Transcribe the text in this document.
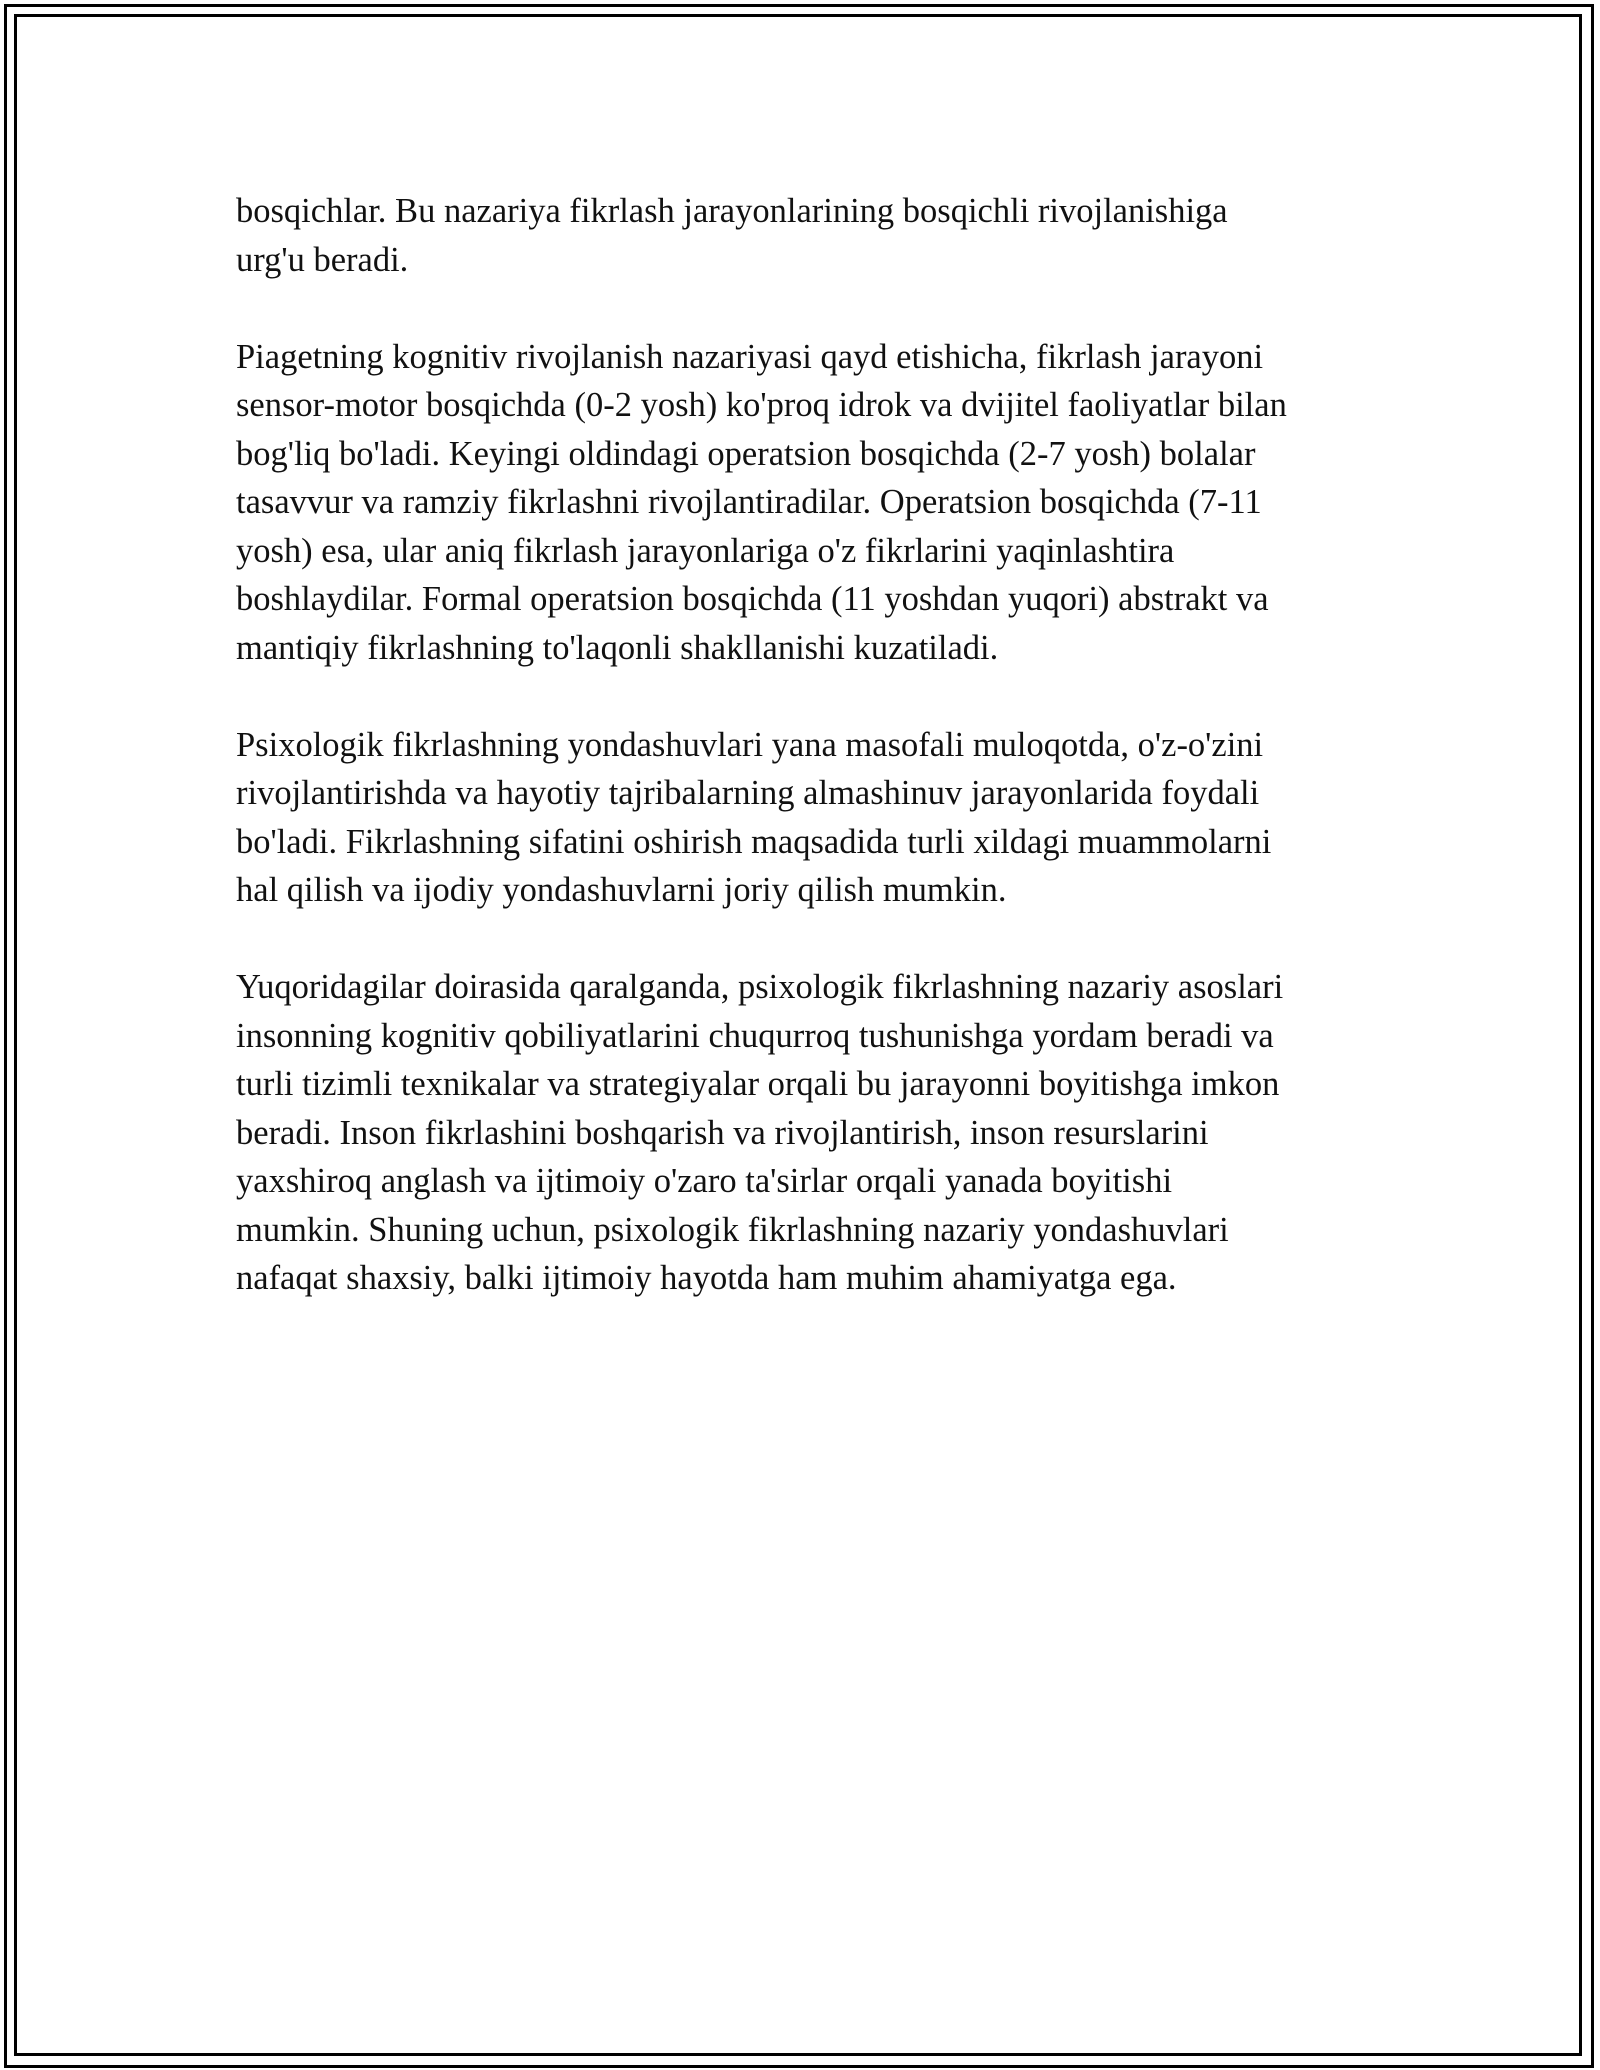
bosqichlar. Bu nazariya fikrlash jarayonlarining bosqichli rivojlanishiga
urg'u beradi.

Piagetning kognitiv rivojlanish nazariyasi qayd etishicha, fikrlash jarayoni
sensor-motor bosqichda (0-2 yosh) ko'proq idrok va dvijitel faoliyatlar bilan
bog'liq bo'ladi. Keyingi oldindagi operatsion bosqichda (2-7 yosh) bolalar
tasavvur va ramziy fikrlashni rivojlantiradilar. Operatsion bosqichda (7-11
yosh) esa, ular aniq fikrlash jarayonlariga o'z fikrlarini yaqinlashtira
boshlaydilar. Formal operatsion bosqichda (11 yoshdan yuqori) abstrakt va
mantiqiy fikrlashning to'laqonli shakllanishi kuzatiladi.

Psixologik fikrlashning yondashuvlari yana masofali muloqotda, o'z-o'zini
rivojlantirishda va hayotiy tajribalarning almashinuv jarayonlarida foydali
bo'ladi. Fikrlashning sifatini oshirish maqsadida turli xildagi muammolarni
hal qilish va ijodiy yondashuvlarni joriy qilish mumkin.

Yuqoridagilar doirasida qaralganda, psixologik fikrlashning nazariy asoslari
insonning kognitiv qobiliyatlarini chuqurroq tushunishga yordam beradi va
turli tizimli texnikalar va strategiyalar orqali bu jarayonni boyitishga imkon
beradi. Inson fikrlashini boshqarish va rivojlantirish, inson resurslarini
yaxshiroq anglash va ijtimoiy o'zaro ta'sirlar orqali yanada boyitishi
mumkin. Shuning uchun, psixologik fikrlashning nazariy yondashuvlari
nafaqat shaxsiy, balki ijtimoiy hayotda ham muhim ahamiyatga ega.
